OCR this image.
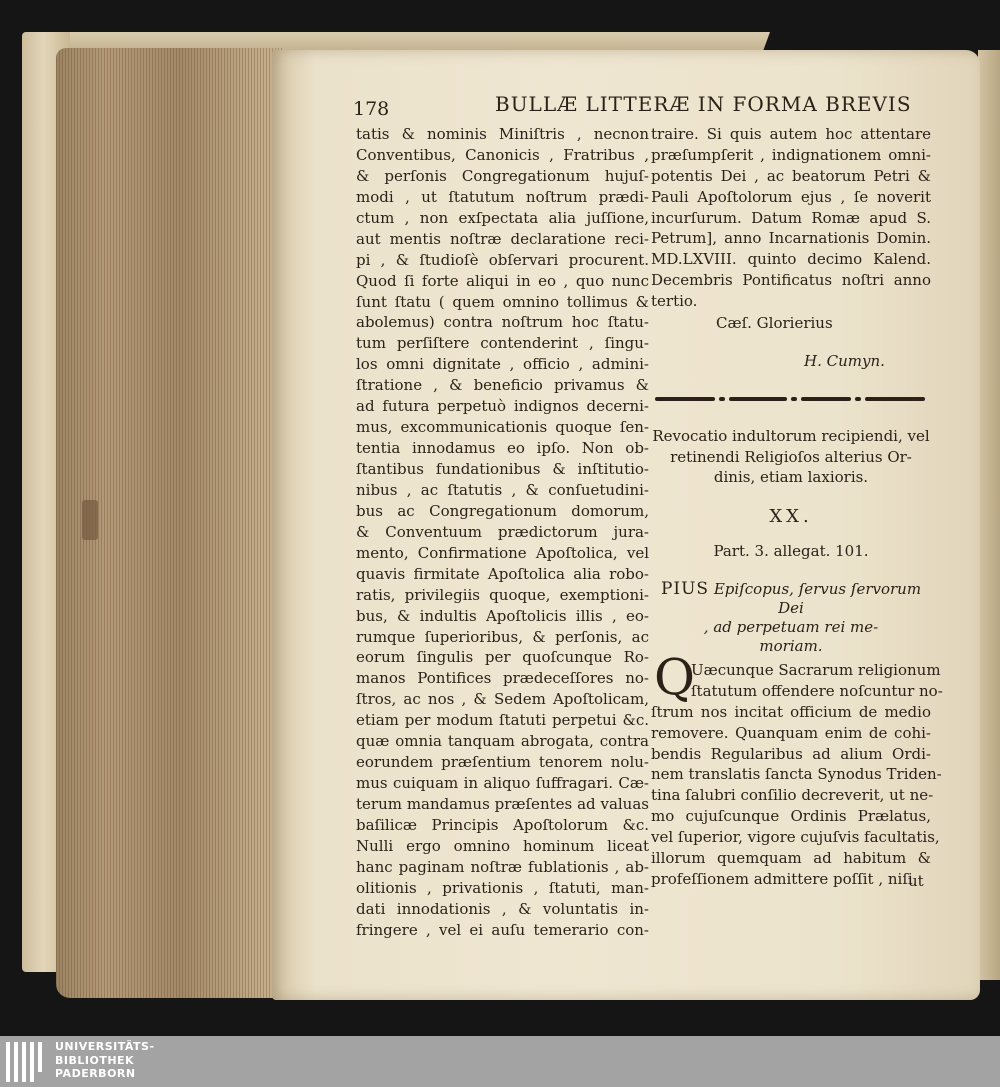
178	BULLÆ LITTERÆ IN FORMA BREVIS
tatis & nominis Miniſtris , necnon
Conventibus, Canonicis , Fratribus ,
& perſonis Congregationum hujuſ-
modi , ut ſtatutum noſtrum prædi-
ctum , non exſpectata alia juſſione,
aut mentis noſtræ declaratione reci-
pi , & ſtudioſè obſervari procurent.
Quod ſi forte aliqui in eo , quo nunc
ſunt ſtatu ( quem omnino tollimus &
abolemus) contra noſtrum hoc ſtatu-
tum perſiſtere contenderint , ſingu-
los omni dignitate , officio , admini-
ſtratione , & beneficio privamus &
ad futura perpetuò indignos decerni-
mus, excommunicationis quoque ſen-
tentia innodamus eo ipſo. Non ob-
ſtantibus fundationibus & inſtitutio-
nibus , ac ſtatutis , & conſuetudini-
bus ac Congregationum domorum,
& Conventuum prædictorum jura-
mento, Confirmatione Apoſtolica, vel
quavis firmitate Apoſtolica alia robo-
ratis, privilegiis quoque, exemptioni-
bus, & indultis Apoſtolicis illis , eo-
rumque ſuperioribus, & perſonis, ac
eorum ſingulis per quoſcunque Ro-
manos Pontifices prædeceſſores no-
ſtros, ac nos , & Sedem Apoſtolicam,
etiam per modum ſtatuti perpetui &c.
quæ omnia tanquam abrogata, contra
eorundem præſentium tenorem nolu-
mus cuiquam in aliquo ſuffragari. Cæ-
terum mandamus præſentes ad valuas
baſilicæ Principis Apoſtolorum &c.
Nulli ergo omnino hominum liceat
hanc paginam noſtræ fublationis , ab-
olitionis , privationis , ſtatuti, man-
dati innodationis , & voluntatis in-
fringere , vel ei auſu temerario con-
traire. Si quis autem hoc attentare
præſumpſerit , indignationem omni-
potentis Dei , ac beatorum Petri &
Pauli Apoſtolorum ejus , ſe noverit
incurſurum. Datum Romæ apud S.
Petrum], anno Incarnationis Domin.
MD.LXVIII. quinto decimo Kalend.
Decembris Pontificatus noſtri anno
tertio.
Cæſ. Glorierius
H. Cumyn.
Revocatio indultorum recipiendi, vel
retinendi Religioſos alterius Or-
dinis, etiam laxioris.
XX.
Part. 3. allegat. 101.
PIUS Epiſcopus, ſervus ſervorum Dei
, ad perpetuam rei me-
moriam.
Q
Uæcunque Sacrarum religionum
ſtatutum offendere noſcuntur no-
ſtrum nos incitat officium de medio
removere. Quanquam enim de cohi-
bendis Regularibus ad alium Ordi-
nem translatis ſancta Synodus Triden-
tina ſalubri conſilio decreverit, ut ne-
mo cujuſcunque Ordinis Prælatus,
vel ſuperior, vigore cujuſvis facultatis,
illorum quemquam ad habitum &
profeſſionem admittere poſſit , niſi
ut
UNIVERSITÄTS-
BIBLIOTHEK
PADERBORN
